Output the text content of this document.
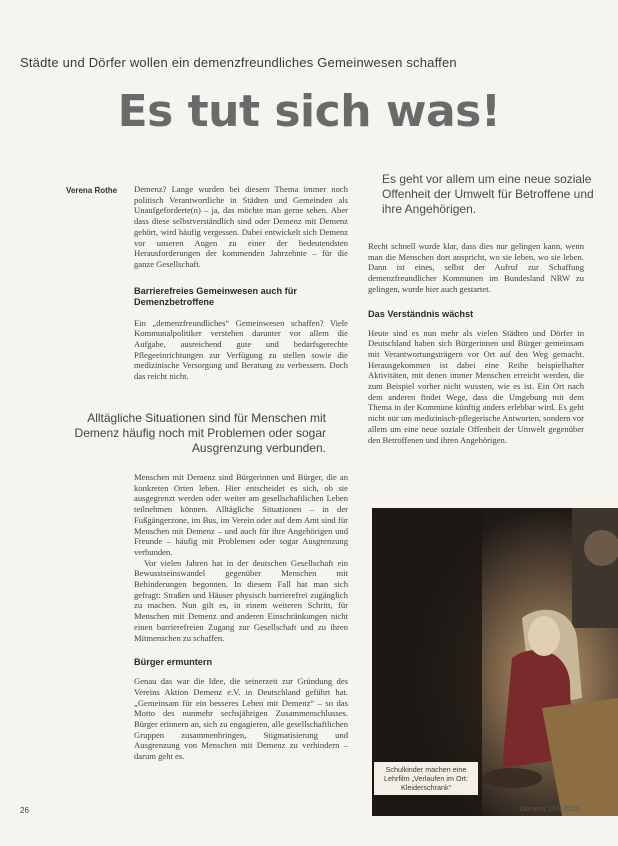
Städte und Dörfer wollen ein demenzfreundliches Gemeinwesen schaffen
Es tut sich was!
Verena Rothe	Demenz? Lange wurden bei diesem Thema immer noch politisch Verantwortliche in Städten und Gemeinden als Unaufgeforderte(n) – ja, das möchte man gerne sehen. Aber dass diese selbstverständlich sind oder Demenz mit Demenz gehört, wird häufig vergessen. Dabei entwickelt sich Demenz vor unseren Augen zu einer der bedeutendsten Herausforderungen der kommenden Jahrzehnte – für die ganze Gesellschaft.

Barrierefreies Gemeinwesen auch für Demenzbetroffene

Ein „demenzfreundliches“ Gemeinwesen schaffen? Viele Kommunalpolitiker verstehen darunter vor allem die Aufgabe, ausreichend gute und bedarfsgerechte Pflegeeinrichtungen zur Verfügung zu stellen sowie die medizinische Versorgung und Beratung zu verbessern. Doch das reicht nicht.

Alltägliche Situationen sind für Menschen mit Demenz häufig noch mit Problemen oder sogar Ausgrenzung verbunden.

Menschen mit Demenz sind Bürgerinnen und Bürger, die an konkreten Orten leben. Hier entscheidet es sich, ob sie ausgegrenzt werden oder weiter am gesellschaftlichen Leben teilnehmen können. Alltägliche Situationen – in der Fußgängerzone, im Bus, im Verein oder auf dem Amt sind für Menschen mit Demenz – und auch für ihre Angehörigen und Freunde – häufig mit Problemen oder sogar Ausgrenzung verbunden.

Vor vielen Jahren hat in der deutschen Gesellschaft ein Bewusstseinswandel gegenüber Menschen mit Behinderungen begonnen. In diesem Fall hat man sich gefragt: Straßen und Häuser physisch barrierefrei zugänglich zu machen. Nun gilt es, in einem weiteren Schritt, für Menschen mit Demenz und anderen Einschränkungen nicht einen barrierefreien Zugang zur Gesellschaft und zu ihren Mitmenschen zu schaffen.

Bürger ermuntern

Genau das war die Idee, die seinerzeit zur Gründung des Vereins Aktion Demenz e.V. in Deutschland geführt hat. „Gemeinsam für ein besseres Leben mit Demenz“ – so das Motto des nunmehr sechsjährigen Zusammenschlusses. Bürger erinnern an, sich zu engagieren, alle gesellschaftlichen Gruppen zusammenbringen, Stigmatisierung und Ausgrenzung von Menschen mit Demenz zu verhindern – darum geht es.

Es geht vor allem um eine neue soziale Offenheit der Umwelt für Betroffene und ihre Angehörigen.

Recht schnell wurde klar, dass dies nur gelingen kann, wenn man die Menschen dort anspricht, wo sie leben, wo sie leben. Dann ist eines, selbst der Aufruf zur Schaffung demenzfreundlicher Kommunen im Bundesland NRW zu gelingen, wurde hier auch gestartet.

Das Verständnis wächst

Heute sind es nun mehr als vielen Städten und Dörfer in Deutschland haben sich Bürgerinnen und Bürger gemeinsam mit Verantwortungsträgern vor Ort auf den Weg gemacht. Herausgekommen ist dabei eine Reihe beispielhafter Aktivitäten, mit denen immer Menschen erreicht werden, die zum Beispiel vorher nicht wussten, wie es ist. Ein Ort nach dem anderen findet Wege, dass die Umgebung mit dem Thema in der Kommune künftig anders erlebbar wird. Es geht nicht nur um medizinisch-pflegerische Antworten, sondern vor allem um eine neue soziale Offenheit der Umwelt gegenüber den Betroffenen und ihren Angehörigen.

Schulkinder machen eine Lehrfilm „Verlaufen im Ort: Kleiderschrank“
26	Demenz 1/09.2010
